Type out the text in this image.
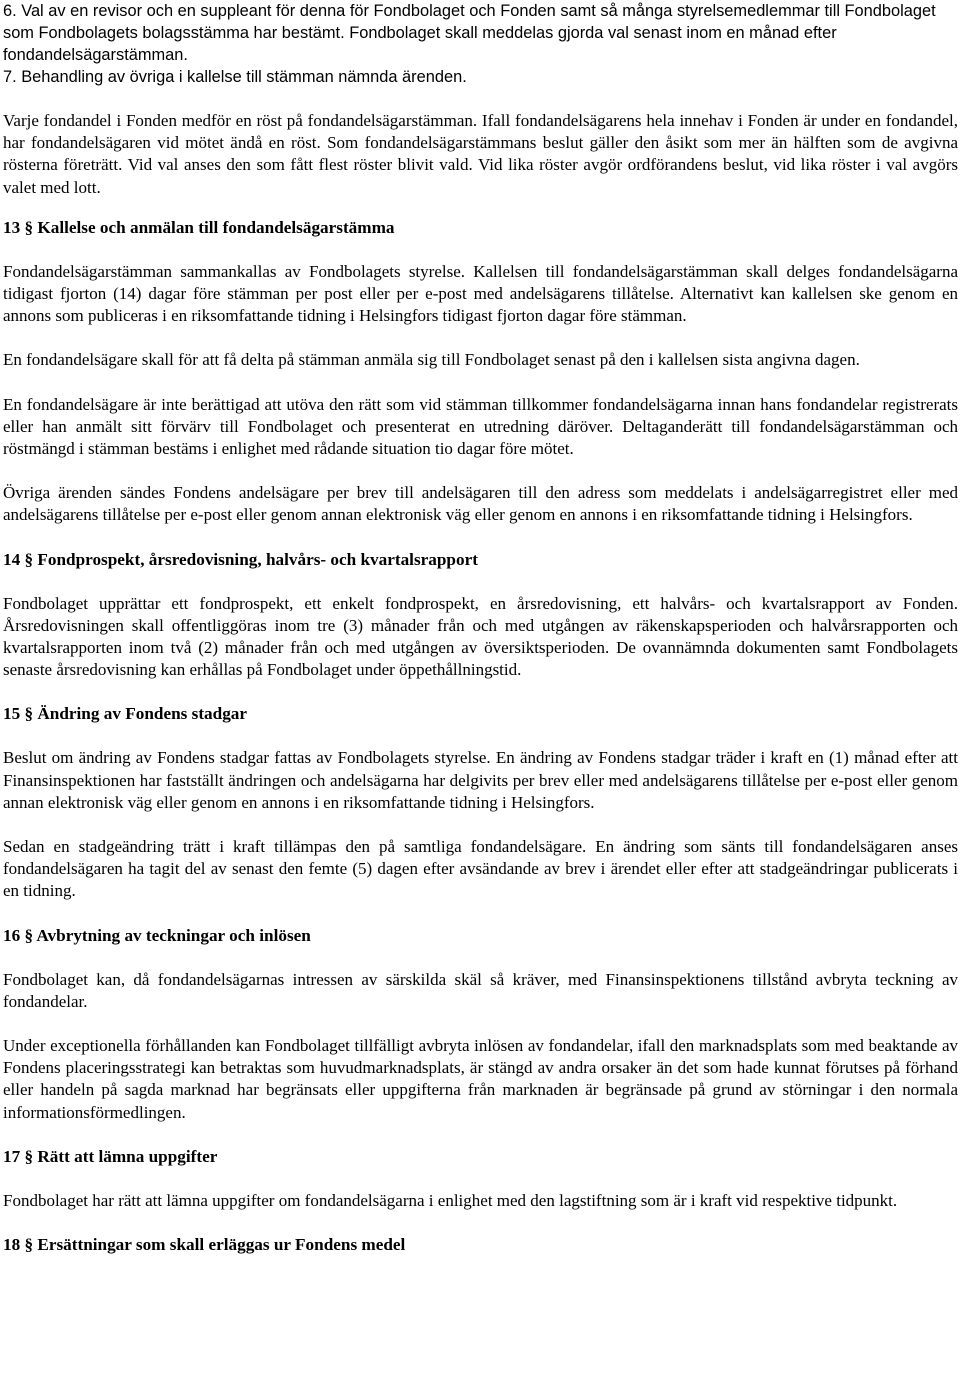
6. Val av en revisor och en suppleant för denna för Fondbolaget och Fonden samt så många styrelsemedlemmar till Fondbolaget som Fondbolagets bolagsstämma har bestämt. Fondbolaget skall meddelas gjorda val senast inom en månad efter fondandelsägarstämman.

7. Behandling av övriga i kallelse till stämman nämnda ärenden.

Varje fondandel i Fonden medför en röst på fondandelsägarstämman. Ifall fondandelsägarens hela innehav i Fonden är under en fondandel, har fondandelsägaren vid mötet ändå en röst. Som fondandelsägarstämmans beslut gäller den åsikt som mer än hälften som de avgivna rösterna företrätt. Vid val anses den som fått flest röster blivit vald. Vid lika röster avgör ordförandens beslut, vid lika röster i val avgörs valet med lott.

13 § Kallelse och anmälan till fondandelsägarstämma

Fondandelsägarstämman sammankallas av Fondbolagets styrelse. Kallelsen till fondandelsägarstämman skall delges fondandelsägarna tidigast fjorton (14) dagar före stämman per post eller per e-post med andelsägarens tillåtelse. Alternativt kan kallelsen ske genom en annons som publiceras i en riksomfattande tidning i Helsingfors tidigast fjorton dagar före stämman.

En fondandelsägare skall för att få delta på stämman anmäla sig till Fondbolaget senast på den i kallelsen sista angivna dagen.

En fondandelsägare är inte berättigad att utöva den rätt som vid stämman tillkommer fondandelsägarna innan hans fondandelar registrerats eller han anmält sitt förvärv till Fondbolaget och presenterat en utredning däröver. Deltaganderätt till fondandelsägarstämman och röstmängd i stämman bestäms i enlighet med rådande situation tio dagar före mötet.

Övriga ärenden sändes Fondens andelsägare per brev till andelsägaren till den adress som meddelats i andelsägarregistret eller med andelsägarens tillåtelse per e-post eller genom annan elektronisk väg eller genom en annons i en riksomfattande tidning i Helsingfors.

14 § Fondprospekt, årsredovisning, halvårs- och kvartalsrapport

Fondbolaget upprättar ett fondprospekt, ett enkelt fondprospekt, en årsredovisning, ett halvårs- och kvartalsrapport av Fonden. Årsredovisningen skall offentliggöras inom tre (3) månader från och med utgången av räkenskapsperioden och halvårsrapporten och kvartalsrapporten inom två (2) månader från och med utgången av översiktsperioden. De ovannämnda dokumenten samt Fondbolagets senaste årsredovisning kan erhållas på Fondbolaget under öppethållningstid.

15 § Ändring av Fondens stadgar

Beslut om ändring av Fondens stadgar fattas av Fondbolagets styrelse. En ändring av Fondens stadgar träder i kraft en (1) månad efter att Finansinspektionen har fastställt ändringen och andelsägarna har delgivits per brev eller med andelsägarens tillåtelse per e-post eller genom annan elektronisk väg eller genom en annons i en riksomfattande tidning i Helsingfors.

Sedan en stadgeändring trätt i kraft tillämpas den på samtliga fondandelsägare. En ändring som sänts till fondandelsägaren anses fondandelsägaren ha tagit del av senast den femte (5) dagen efter avsändande av brev i ärendet eller efter att stadgeändringar publicerats i en tidning.

16 § Avbrytning av teckningar och inlösen

Fondbolaget kan, då fondandelsägarnas intressen av särskilda skäl så kräver, med Finansinspektionens tillstånd avbryta teckning av fondandelar.

Under exceptionella förhållanden kan Fondbolaget tillfälligt avbryta inlösen av fondandelar, ifall den marknadsplats som med beaktande av Fondens placeringsstrategi kan betraktas som huvudmarknadsplats, är stängd av andra orsaker än det som hade kunnat förutses på förhand eller handeln på sagda marknad har begränsats eller uppgifterna från marknaden är begränsade på grund av störningar i den normala informationsförmedlingen.

17 § Rätt att lämna uppgifter

Fondbolaget har rätt att lämna uppgifter om fondandelsägarna i enlighet med den lagstiftning som är i kraft vid respektive tidpunkt.

18 § Ersättningar som skall erläggas ur Fondens medel
